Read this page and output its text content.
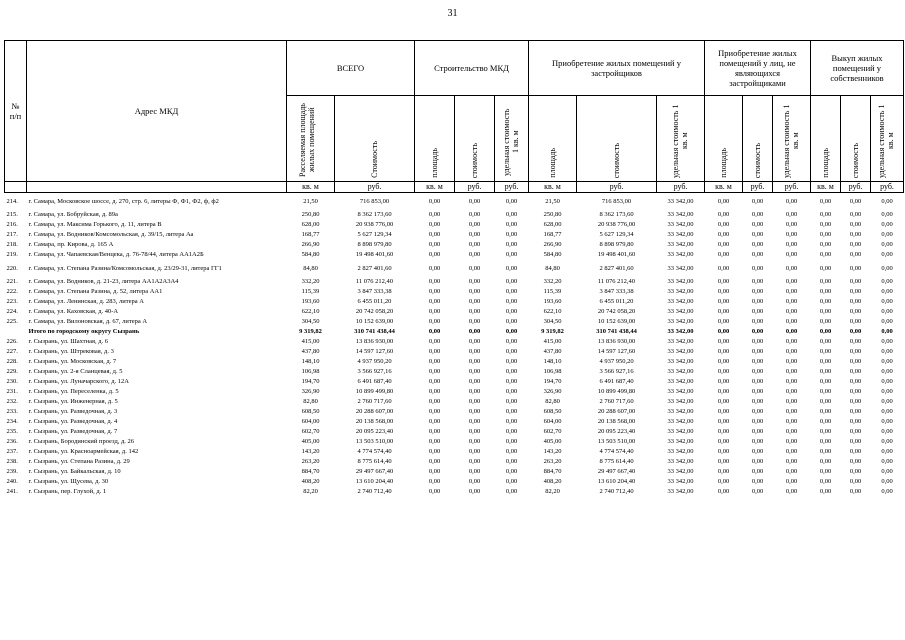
31
№
п/п	Адрес МКД	ВСЕГО		Строительство МКД			Приобретение жилых помещений у застройщиков			Приобретение жилых помещений у лиц, не являющихся застройщиками			Выкуп жилых помещений у собственников		

		Расселяемая площадь жилых помещений	Стоимость	площадь	стоимость	удельная стоимость 1 кв. м	площадь	стоимость	удельная стоимость 1 кв. м	площадь	стоимость	удельная стоимость 1 кв. м	площадь	стоимость	удельная стоимость 1 кв. м

		кв. м	руб.	кв. м	руб.	руб.	кв. м	руб.	руб.	кв. м	руб.	руб.	кв. м	руб.	руб.
214.	г. Самара, Московское шоссе, д. 270, стр. 6, литеры Ф, Ф1, Ф2, ф, ф2	21,50	716 853,00	0,00	0,00	0,00	21,50	716 853,00	33 342,00	0,00	0,00	0,00	0,00	0,00	0,00
215.	г. Самара, ул. Бобруйская, д. 89а	250,80	8 362 173,60	0,00	0,00	0,00	250,80	8 362 173,60	33 342,00	0,00	0,00	0,00	0,00	0,00	0,00
216.	г. Самара, ул. Максима Горького, д. 11, литера В	628,00	20 938 776,00	0,00	0,00	0,00	628,00	20 938 776,00	33 342,00	0,00	0,00	0,00	0,00	0,00	0,00
217.	г. Самара, ул. Водников/Комсомольская, д. 39/15, литера Аа	168,77	5 627 129,34	0,00	0,00	0,00	168,77	5 627 129,34	33 342,00	0,00	0,00	0,00	0,00	0,00	0,00
218.	г. Самара, пр. Кирова, д. 165 А	266,90	8 898 979,80	0,00	0,00	0,00	266,90	8 898 979,80	33 342,00	0,00	0,00	0,00	0,00	0,00	0,00
219.	г. Самара, ул. Чапаевская/Венцека, д. 76-78/44, литера АА1А2Б	584,80	19 498 401,60	0,00	0,00	0,00	584,80	19 498 401,60	33 342,00	0,00	0,00	0,00	0,00	0,00	0,00
220.	г. Самара, ул. Степана Разина/Комсомольская, д. 23/29-31, литера ГГ1	84,80	2 827 401,60	0,00	0,00	0,00	84,80	2 827 401,60	33 342,00	0,00	0,00	0,00	0,00	0,00	0,00
221.	г. Самара, ул. Водников, д. 21-23, литера АА1А2А3А4	332,20	11 076 212,40	0,00	0,00	0,00	332,20	11 076 212,40	33 342,00	0,00	0,00	0,00	0,00	0,00	0,00
222.	г. Самара, ул. Степана Разина, д. 52, литера АА1	115,39	3 847 333,38	0,00	0,00	0,00	115,39	3 847 333,38	33 342,00	0,00	0,00	0,00	0,00	0,00	0,00
223.	г. Самара, ул. Ленинская, д. 283, литера А	193,60	6 455 011,20	0,00	0,00	0,00	193,60	6 455 011,20	33 342,00	0,00	0,00	0,00	0,00	0,00	0,00
224.	г. Самара, ул. Каховская, д. 40-А	622,10	20 742 058,20	0,00	0,00	0,00	622,10	20 742 058,20	33 342,00	0,00	0,00	0,00	0,00	0,00	0,00
225.	г. Самара, ул. Вилоновская, д. 67, литера А	304,50	10 152 639,00	0,00	0,00	0,00	304,50	10 152 639,00	33 342,00	0,00	0,00	0,00	0,00	0,00	0,00
	Итого по городскому округу Сызрань	9 319,82	310 741 438,44	0,00	0,00	0,00	9 319,82	310 741 438,44	33 342,00	0,00	0,00	0,00	0,00	0,00	0,00
226.	г. Сызрань, ул. Шахтная, д. 6	415,00	13 836 930,00	0,00	0,00	0,00	415,00	13 836 930,00	33 342,00	0,00	0,00	0,00	0,00	0,00	0,00
227.	г. Сызрань, ул. Штрековая, д. 3	437,80	14 597 127,60	0,00	0,00	0,00	437,80	14 597 127,60	33 342,00	0,00	0,00	0,00	0,00	0,00	0,00
228.	г. Сызрань, ул. Московская, д. 7	148,10	4 937 950,20	0,00	0,00	0,00	148,10	4 937 950,20	33 342,00	0,00	0,00	0,00	0,00	0,00	0,00
229.	г. Сызрань, ул. 2-я Сланцевая, д. 5	106,98	3 566 927,16	0,00	0,00	0,00	106,98	3 566 927,16	33 342,00	0,00	0,00	0,00	0,00	0,00	0,00
230.	г. Сызрань, ул. Луначарского, д. 12А	194,70	6 491 687,40	0,00	0,00	0,00	194,70	6 491 687,40	33 342,00	0,00	0,00	0,00	0,00	0,00	0,00
231.	г. Сызрань, ул. Переселенка, д. 5	326,90	10 899 499,80	0,00	0,00	0,00	326,90	10 899 499,80	33 342,00	0,00	0,00	0,00	0,00	0,00	0,00
232.	г. Сызрань, ул. Инженерная, д. 5	82,80	2 760 717,60	0,00	0,00	0,00	82,80	2 760 717,60	33 342,00	0,00	0,00	0,00	0,00	0,00	0,00
233.	г. Сызрань, ул. Разведочная, д. 3	608,50	20 288 607,00	0,00	0,00	0,00	608,50	20 288 607,00	33 342,00	0,00	0,00	0,00	0,00	0,00	0,00
234.	г. Сызрань, ул. Разведочная, д. 4	604,00	20 138 568,00	0,00	0,00	0,00	604,00	20 138 568,00	33 342,00	0,00	0,00	0,00	0,00	0,00	0,00
235.	г. Сызрань, ул. Разведочная, д. 7	602,70	20 095 223,40	0,00	0,00	0,00	602,70	20 095 223,40	33 342,00	0,00	0,00	0,00	0,00	0,00	0,00
236.	г. Сызрань, Бородинский проезд, д. 26	405,00	13 503 510,00	0,00	0,00	0,00	405,00	13 503 510,00	33 342,00	0,00	0,00	0,00	0,00	0,00	0,00
237.	г. Сызрань, ул. Красноармейская, д. 142	143,20	4 774 574,40	0,00	0,00	0,00	143,20	4 774 574,40	33 342,00	0,00	0,00	0,00	0,00	0,00	0,00
238.	г. Сызрань, ул. Степана Разина, д. 29	263,20	8 775 614,40	0,00	0,00	0,00	263,20	8 775 614,40	33 342,00	0,00	0,00	0,00	0,00	0,00	0,00
239.	г. Сызрань, ул. Байкальская, д. 10	884,70	29 497 667,40	0,00	0,00	0,00	884,70	29 497 667,40	33 342,00	0,00	0,00	0,00	0,00	0,00	0,00
240.	г. Сызрань, ул. Щусева, д. 30	408,20	13 610 204,40	0,00	0,00	0,00	408,20	13 610 204,40	33 342,00	0,00	0,00	0,00	0,00	0,00	0,00
241.	г. Сызрань, пер. Глухой, д. 1	82,20	2 740 712,40	0,00	0,00	0,00	82,20	2 740 712,40	33 342,00	0,00	0,00	0,00	0,00	0,00	0,00
